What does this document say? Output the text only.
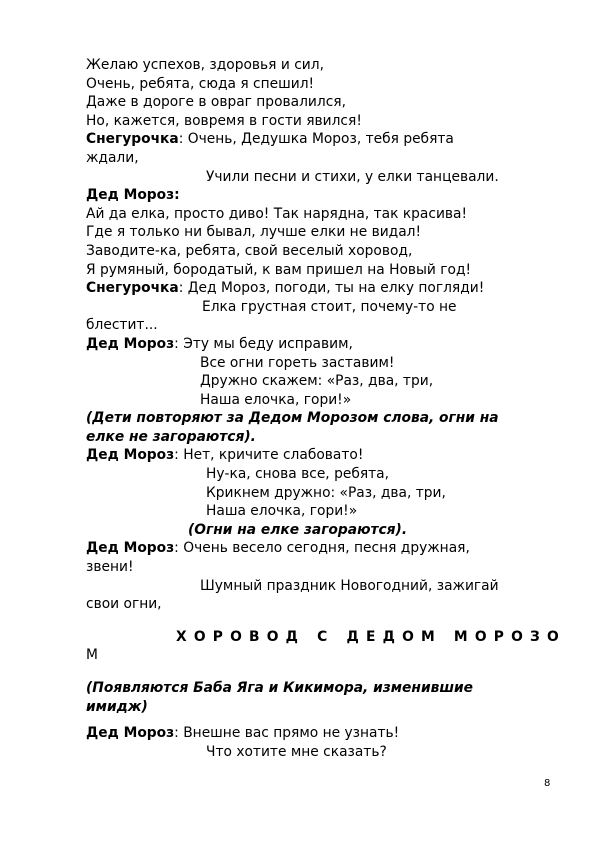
Желаю успехов, здоровья и сил,
Очень, ребята, сюда я спешил!
Даже в дороге в овраг провалился,
Но, кажется, вовремя в гости явился!
Снегурочка: Очень, Дедушка Мороз, тебя ребята
ждали,
Учили песни и стихи, у елки танцевали.
Дед Мороз:
Ай да елка, просто диво! Так нарядна, так красива!
Где я только ни бывал, лучше елки не видал!
Заводите-ка, ребята, свой веселый хоровод,
Я румяный, бородатый, к вам пришел на Новый год!
Снегурочка: Дед Мороз, погоди, ты на елку погляди!
Елка грустная стоит, почему-то не
блестит...
Дед Мороз: Эту мы беду исправим,
Все огни гореть заставим!
Дружно скажем: «Раз, два, три,
Наша елочка, гори!»
(Дети повторяют за Дедом Морозом слова, огни на
елке не загораются).
Дед Мороз: Нет, кричите слабовато!
Ну-ка, снова все, ребята,
Крикнем дружно: «Раз, два, три,
Наша елочка, гори!»
(Огни на елке загораются).
Дед Мороз: Очень весело сегодня, песня дружная,
звени!
Шумный праздник Новогодний, зажигай
свои огни,
ХОРОВОД С ДЕДОМ МОРОЗО
М
(Появляются Баба Яга и Кикимора, изменившие
имидж)
Дед Мороз: Внешне вас прямо не узнать!
Что хотите мне сказать?
8
